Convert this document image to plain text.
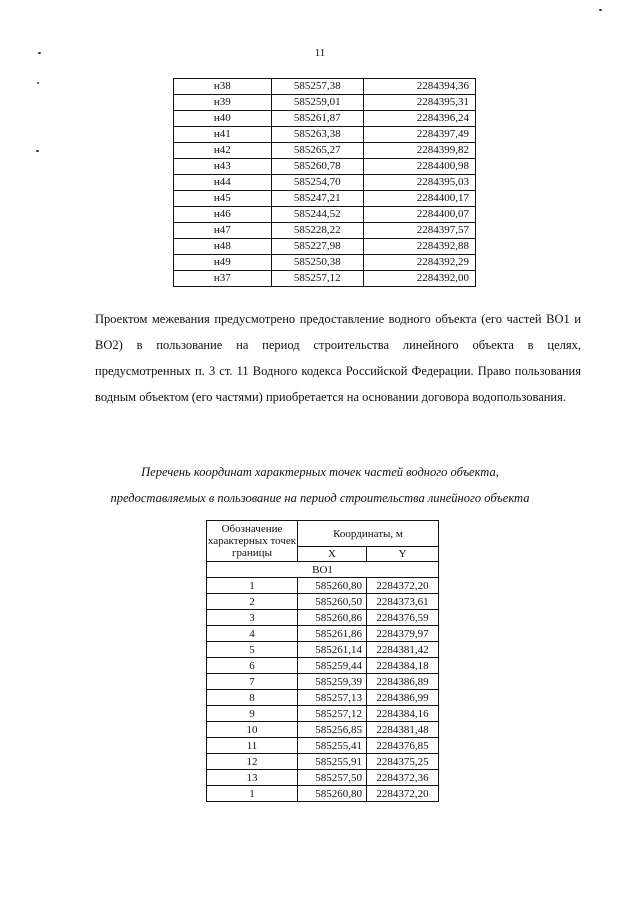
11
н38	585257,38	2284394,36
н39	585259,01	2284395,31
н40	585261,87	2284396,24
н41	585263,38	2284397,49
н42	585265,27	2284399,82
н43	585260,78	2284400,98
н44	585254,70	2284395,03
н45	585247,21	2284400,17
н46	585244,52	2284400,07
н47	585228,22	2284397,57
н48	585227,98	2284392,88
н49	585250,38	2284392,29
н37	585257,12	2284392,00

Проектом межевания предусмотрено предоставление водного объекта (его частей ВО1 и ВО2) в пользование на период строительства линейного объекта в целях, предусмотренных п. 3 ст. 11 Водного кодекса Российской Федерации. Право пользования водным объектом (его частями) приобретается на основании договора водопользования.

Перечень координат характерных точек частей водного объекта,
предоставляемых в пользование на период строительства линейного объекта
Обозначение характерных точек границы	Координаты, м	
	X	Y
ВО1		
1	585260,80	2284372,20
2	585260,50	2284373,61
3	585260,86	2284376,59
4	585261,86	2284379,97
5	585261,14	2284381,42
6	585259,44	2284384,18
7	585259,39	2284386,89
8	585257,13	2284386,99
9	585257,12	2284384,16
10	585256,85	2284381,48
11	585255,41	2284376,85
12	585255,91	2284375,25
13	585257,50	2284372,36
1	585260,80	2284372,20
